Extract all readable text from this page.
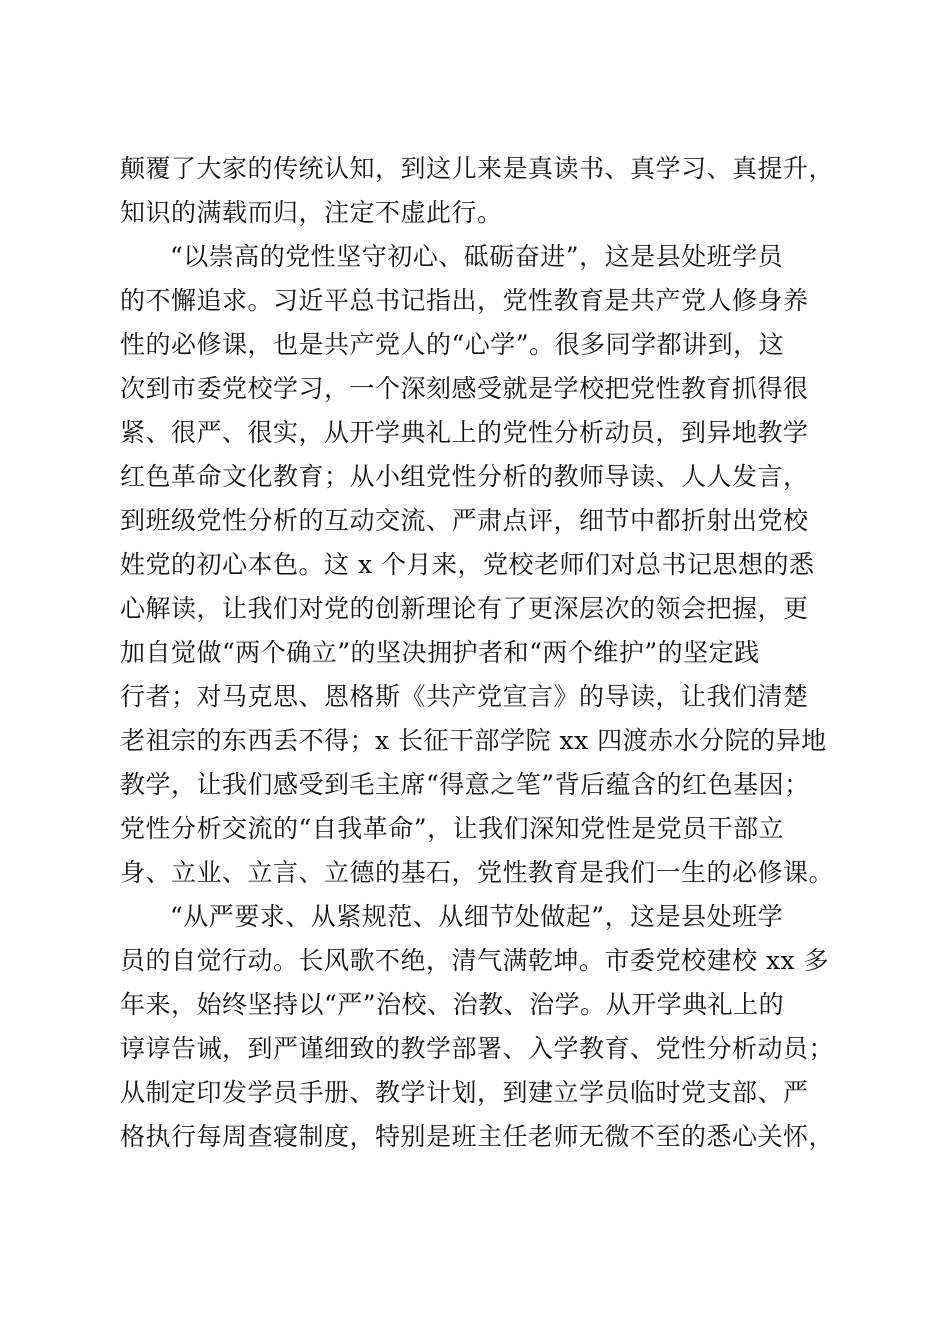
颠覆了大家的传统认知，到这儿来是真读书、真学习、真提升，
知识的满载而归，注定不虚此行。
“以崇高的党性坚守初心、砥砺奋进”，这是县处班学员
的不懈追求。习近平总书记指出，党性教育是共产党人修身养
性的必修课，也是共产党人的“心学”。很多同学都讲到，这
次到市委党校学习，一个深刻感受就是学校把党性教育抓得很
紧、很严、很实，从开学典礼上的党性分析动员，到异地教学
红色革命文化教育；从小组党性分析的教师导读、人人发言，
到班级党性分析的互动交流、严肃点评，细节中都折射出党校
姓党的初心本色。这 x 个月来，党校老师们对总书记思想的悉
心解读，让我们对党的创新理论有了更深层次的领会把握，更
加自觉做“两个确立”的坚决拥护者和“两个维护”的坚定践
行者；对马克思、恩格斯《共产党宣言》的导读，让我们清楚
老祖宗的东西丢不得；x 长征干部学院 xx 四渡赤水分院的异地
教学，让我们感受到毛主席“得意之笔”背后蕴含的红色基因；
党性分析交流的“自我革命”，让我们深知党性是党员干部立
身、立业、立言、立德的基石，党性教育是我们一生的必修课。
“从严要求、从紧规范、从细节处做起”，这是县处班学
员的自觉行动。长风歌不绝，清气满乾坤。市委党校建校 xx 多
年来，始终坚持以“严”治校、治教、治学。从开学典礼上的
谆谆告诫，到严谨细致的教学部署、入学教育、党性分析动员；
从制定印发学员手册、教学计划，到建立学员临时党支部、严
格执行每周查寝制度，特别是班主任老师无微不至的悉心关怀，
